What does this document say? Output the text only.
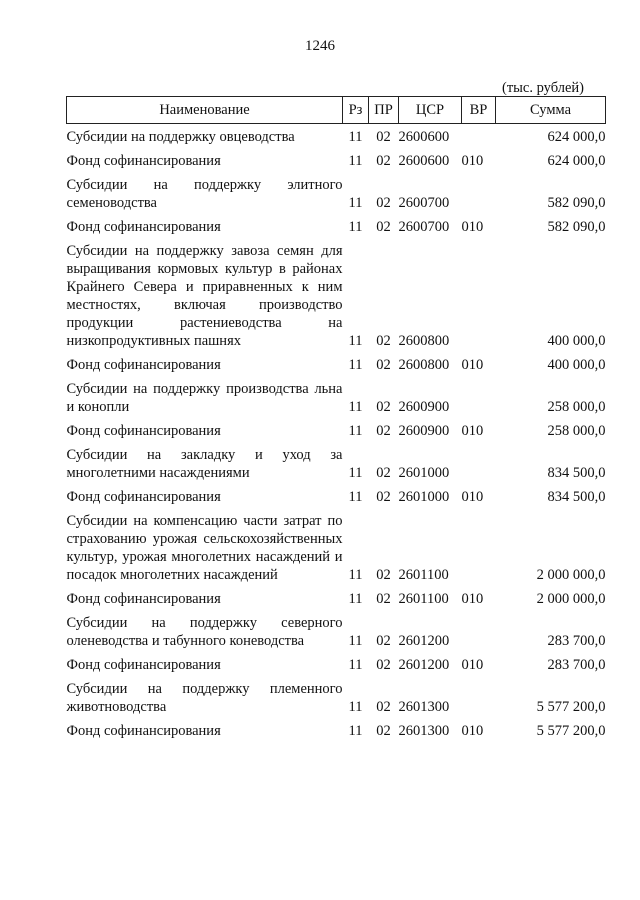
1246
(тыс. рублей)
Наименование	Рз	ПР	ЦСР	ВР	Сумма
Субсидии на поддержку овцеводства	11	02	2600600		624 000,0
Фонд софинансирования	11	02	2600600	010	624 000,0
Субсидии на поддержку элитного семеноводства	11	02	2600700		582 090,0
Фонд софинансирования	11	02	2600700	010	582 090,0
Субсидии на поддержку завоза семян для выращивания кормовых культур в районах Крайнего Севера и приравненных к ним местностях, включая производство продукции растениеводства на низкопродуктивных пашнях	11	02	2600800		400 000,0
Фонд софинансирования	11	02	2600800	010	400 000,0
Субсидии на поддержку производства льна и конопли	11	02	2600900		258 000,0
Фонд софинансирования	11	02	2600900	010	258 000,0
Субсидии на закладку и уход за многолетними насаждениями	11	02	2601000		834 500,0
Фонд софинансирования	11	02	2601000	010	834 500,0
Субсидии на компенсацию части затрат по страхованию урожая сельскохозяйственных культур, урожая многолетних насаждений и посадок многолетних насаждений	11	02	2601100		2 000 000,0
Фонд софинансирования	11	02	2601100	010	2 000 000,0
Субсидии на поддержку северного оленеводства и табунного коневодства	11	02	2601200		283 700,0
Фонд софинансирования	11	02	2601200	010	283 700,0
Субсидии на поддержку племенного животноводства	11	02	2601300		5 577 200,0
Фонд софинансирования	11	02	2601300	010	5 577 200,0
